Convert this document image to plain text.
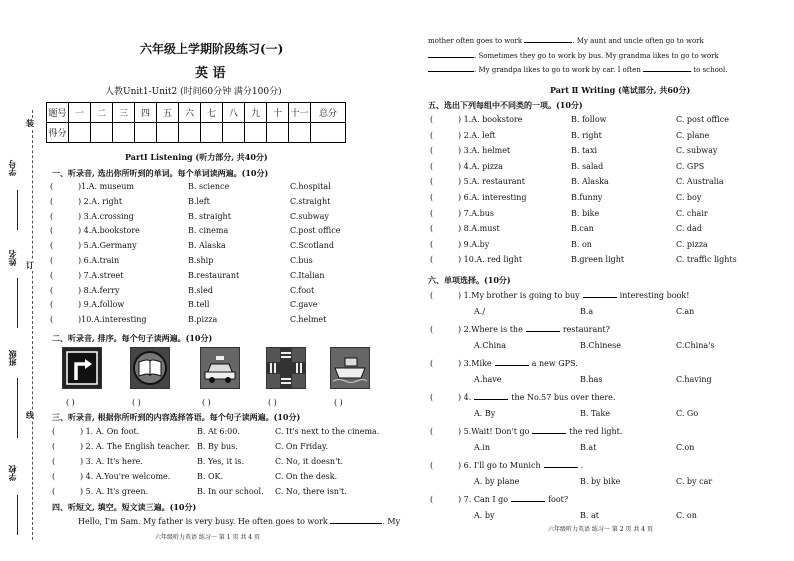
学号
姓名
班级
学校
装
订
线
六年级上学期阶段练习(一)
英 语
人教Unit1-Unit2 (时间60分钟 满分100分)
题号	一	二	三	四	五	六	七	八	九	十	十一	总分
得分												
PartⅠ Listening (听力部分, 共40分)
一、听录音, 选出你所听到的单词。每个单词读两遍。(10分)
(	)1.A. museum	B. science	C.hospital
(	) 2.A. right	B.left	C.straight
(	) 3.A.crossing	B. straight	C.subway
(	) 4.A.bookstore	B. cinema	C.post office
(	) 5.A.Germany	B. Alaska	C.Scotland
(	) 6.A.train	B.ship	C.bus
(	) 7.A.street	B.restaurant	C.Italian
(	) 8.A.ferry	B.sled	C.foot
(	) 9.A.follow	B.tell	C.gave
(	)10.A.interesting	B.pizza	C.helmet
二、听录音, 排序。每个句子读两遍。(10分)
( )	( )	( )	( )	( )
三、听录音, 根据你所听到的内容选择答语。每个句子读两遍。(10分)
(	) 1. A. On foot.	B. At 6:00.	C. It's next to the cinema.
(	) 2. A. The English teacher. B. By bus.	C. On Friday.
(	) 3. A. It's here.	B. Yes, it is.	C. No, it doesn't.
(	) 4. A.You're welcome.	B. OK.	C. On the desk.
(	) 5. A. It's green.	B. In our school. C. No, there isn't.
四、听短文, 填空。短文读三遍。(10分)
Hello, I'm Sam. My father is very busy. He often goes to work	. My
六年级听力英语 练习一 第 1 页 共 4 页
mother often goes to work	. My aunt and uncle often go to work
. Sometimes they go to work by bus. My grandma likes to go to work
. My grandpa likes to go to work by car. I often	to school.
Part Ⅱ Writing (笔试部分, 共60分)
五、选出下列每组中不同类的一项。(10分)
(	) 1.A. bookstore	B. follow	C. post office
(	) 2.A. left	B. right	C. plane
(	) 3.A. helmet	B. taxi	C. subway
(	) 4.A. pizza	B. salad	C. GPS
(	) 5.A. restaurant	B. Alaska	C. Australia
(	) 6.A. interesting	B.funny	C. boy
(	) 7.A.bus	B. bike	C. chair
(	) 8.A.must	B.can	C. dad
(	) 9.A.by	B. on	C. pizza
(	) 10.A. red light	B.green light	C. traffic lights
六、单项选择。(10分)
(	) 1.My brother is going to buy	interesting book!
A./	B.a	C.an
(	) 2.Where is the	restaurant?
A.China	B.Chinese	C.China's
(	) 3.Mike	a new GPS.
A.have	B.has	C.having
(	) 4.	the No.57 bus over there.
A. By	B. Take	C. Go
(	) 5.Wait! Don't go	the red light.
A.in	B.at	C.on
(	) 6. I'll go to Munich	.
A. by plane	B. by bike	C. by car
(	) 7. Can I go	foot?
A. by	B. at	C. on
六年级听力英语 练习一 第 2 页 共 4 页
